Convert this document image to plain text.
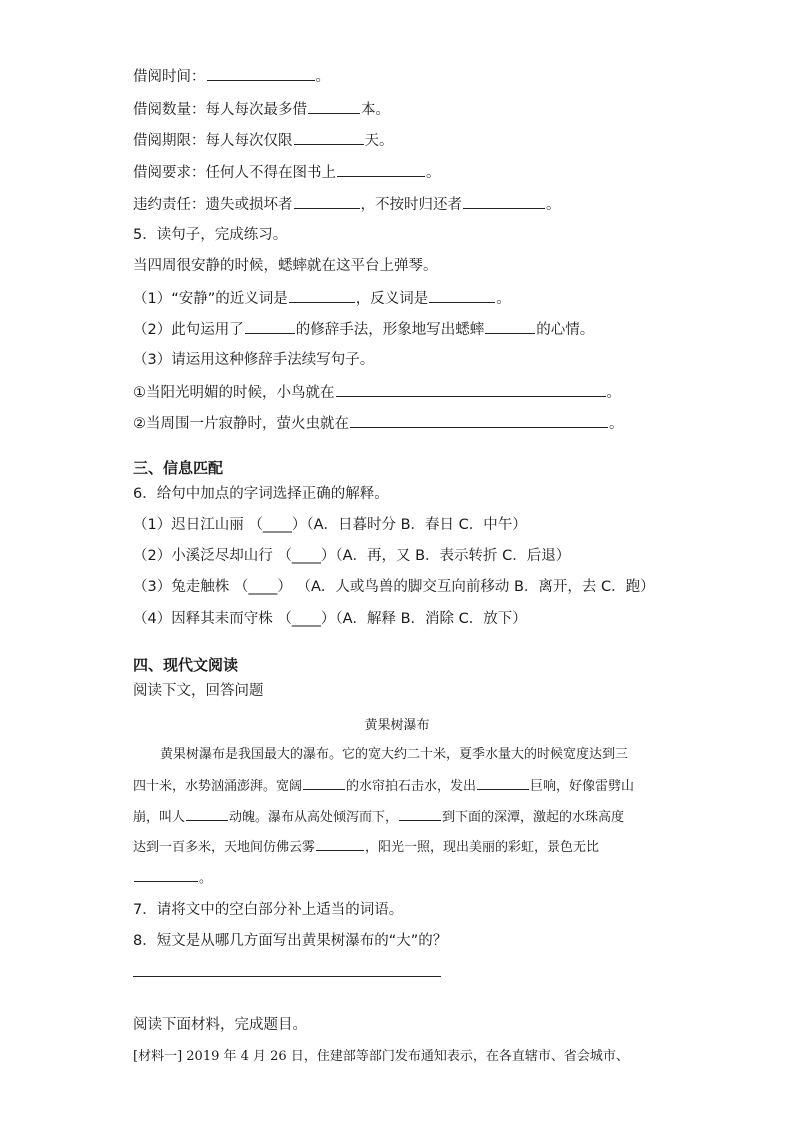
借阅时间：	。
借阅数量：每人每次最多借	本。
借阅期限：每人每次仅限	天。
借阅要求：任何人不得在图书上	。
违约责任：遗失或损坏者	，不按时归还者	。
5．读句子，完成练习。
当四周很安静的时候，蟋蟀就在这平台上弹琴。
（1）“安静”的近义词是	，反义词是	。
（2）此句运用了	的修辞手法，形象地写出蟋蟀	的心情。
（3）请运用这种修辞手法续写句子。
①当阳光明媚的时候，小鸟就在	。
②当周围一片寂静时，萤火虫就在	。
三、信息匹配
6．给句中加点的字词选择正确的解释。
（1）迟日江山丽 （____）（A．日暮时分 B．春日 C．中午）
（2）小溪泛尽却山行 （____）（A．再，又 B．表示转折 C．后退）
（3）兔走触株 （____） （A．人或鸟兽的脚交互向前移动 B．离开，去 C．跑）
（4）因释其耒而守株 （____）（A．解释 B．消除 C．放下）
四、现代文阅读
阅读下文，回答问题
黄果树瀑布
黄果树瀑布是我国最大的瀑布。它的宽大约二十米，夏季水量大的时候宽度达到三
四十米，水势汹涌澎湃。宽阔	的水帘拍石击水，发出	巨响，好像雷劈山
崩，叫人	动魄。瀑布从高处倾泻而下，	到下面的深潭，激起的水珠高度
达到一百多米，天地间仿佛云雾	，阳光一照，现出美丽的彩虹，景色无比
。
7．请将文中的空白部分补上适当的词语。
8．短文是从哪几方面写出黄果树瀑布的“大”的？
阅读下面材料，完成题目。
[材料一] 2019 年 4 月 26 日，住建部等部门发布通知表示，在各直辖市、省会城市、
